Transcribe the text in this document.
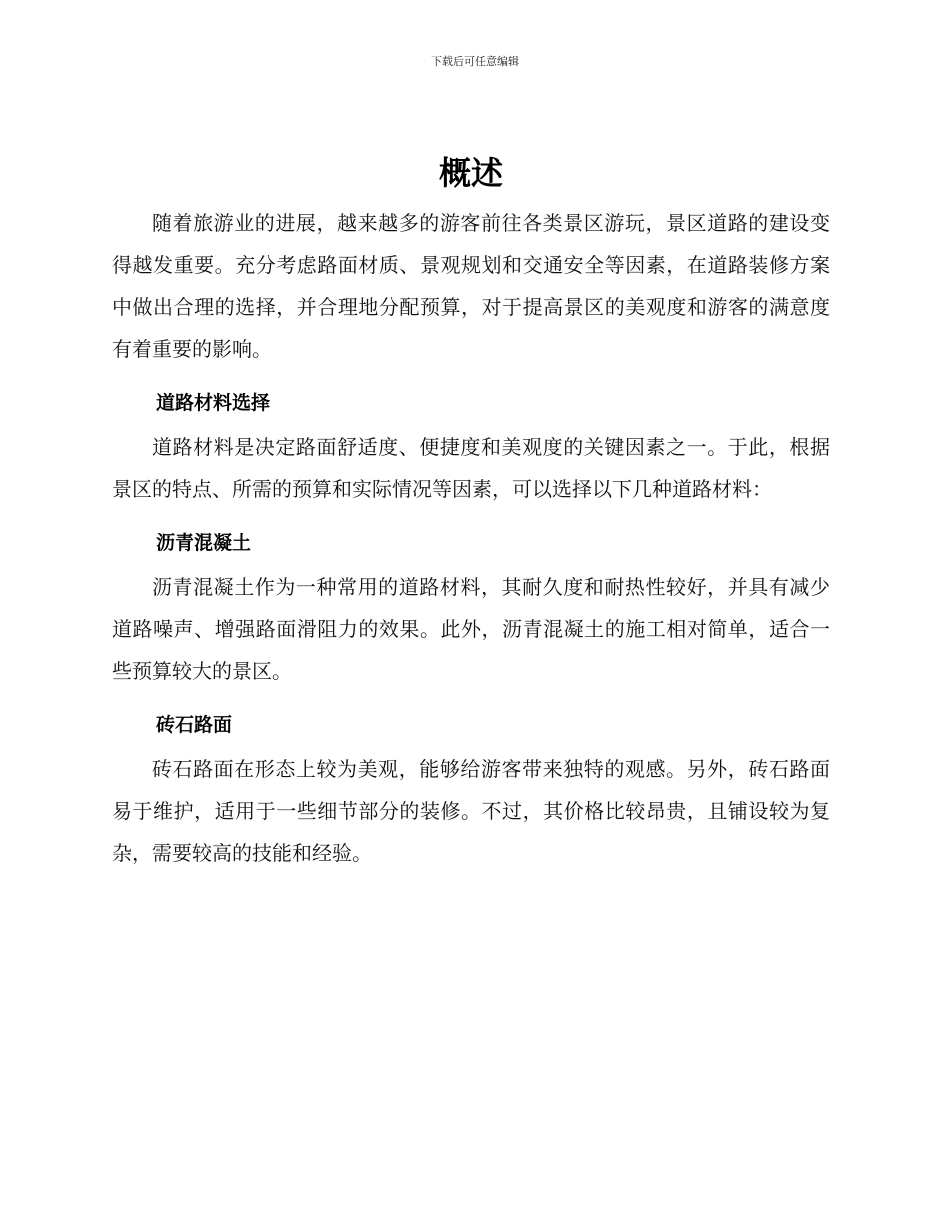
下载后可任意编辑
概述

随着旅游业的进展，越来越多的游客前往各类景区游玩，景区道路的建设变得越发重要。充分考虑路面材质、景观规划和交通安全等因素，在道路装修方案中做出合理的选择，并合理地分配预算，对于提高景区的美观度和游客的满意度有着重要的影响。

道路材料选择

道路材料是决定路面舒适度、便捷度和美观度的关键因素之一。于此，根据景区的特点、所需的预算和实际情况等因素，可以选择以下几种道路材料：

沥青混凝土

沥青混凝土作为一种常用的道路材料，其耐久度和耐热性较好，并具有减少道路噪声、增强路面滑阻力的效果。此外，沥青混凝土的施工相对简单，适合一些预算较大的景区。

砖石路面

砖石路面在形态上较为美观，能够给游客带来独特的观感。另外，砖石路面易于维护，适用于一些细节部分的装修。不过，其价格比较昂贵，且铺设较为复杂，需要较高的技能和经验。
